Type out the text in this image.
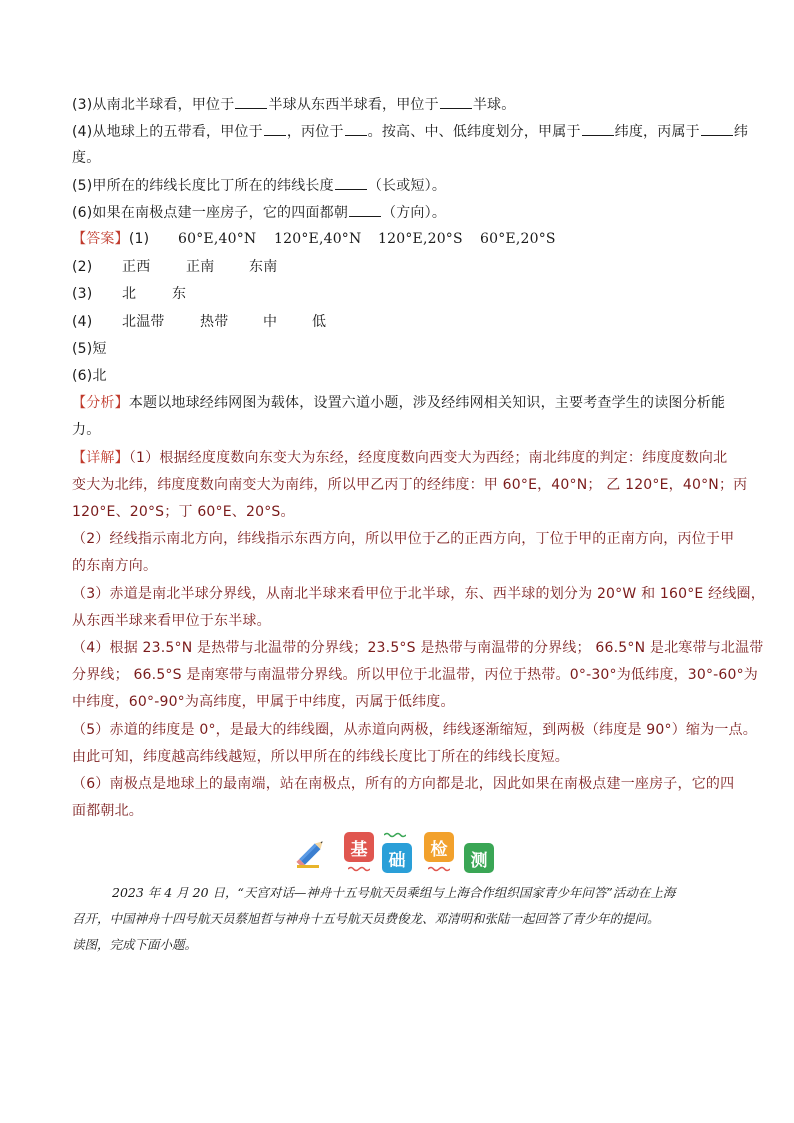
(3)从南北半球看，甲位于 半球从东西半球看，甲位于 半球。

(4)从地球上的五带看，甲位于 ，丙位于 。按高、中、低纬度划分，甲属于 纬度，丙属于 纬

度。

(5)甲所在的纬线长度比丁所在的纬线长度 （长或短）。

(6)如果在南极点建一座房子，它的四面都朝 （方向）。

【答案】(1) 60°E,40°N 120°E,40°N 120°E,20°S 60°E,20°S

(2) 正西	正南 东南

(3) 北	东

(4) 北温带	热带 中 低

(5)短

(6)北

【分析】本题以地球经纬网图为载体，设置六道小题，涉及经纬网相关知识，主要考查学生的读图分析能

力。

【详解】（1）根据经度度数向东变大为东经，经度度数向西变大为西经；南北纬度的判定：纬度度数向北

变大为北纬，纬度度数向南变大为南纬，所以甲乙丙丁的经纬度：甲 60°E，40°N； 乙 120°E，40°N；丙

120°E、20°S；丁 60°E、20°S。

（2）经线指示南北方向，纬线指示东西方向，所以甲位于乙的正西方向，丁位于甲的正南方向，丙位于甲

的东南方向。

（3）赤道是南北半球分界线，从南北半球来看甲位于北半球，东、西半球的划分为 20°W 和 160°E 经线圈，

从东西半球来看甲位于东半球。

（4）根据 23.5°N 是热带与北温带的分界线；23.5°S 是热带与南温带的分界线； 66.5°N 是北寒带与北温带

分界线； 66.5°S 是南寒带与南温带分界线。所以甲位于北温带，丙位于热带。0°-30°为低纬度，30°-60°为

中纬度，60°-90°为高纬度，甲属于中纬度，丙属于低纬度。

（5）赤道的纬度是 0°，是最大的纬线圈，从赤道向两极，纬线逐渐缩短，到两极（纬度是 90°）缩为一点。

由此可知，纬度越高纬线越短，所以甲所在的纬线长度比丁所在的纬线长度短。

（6）南极点是地球上的最南端，站在南极点，所有的方向都是北，因此如果在南极点建一座房子，它的四

面都朝北。

基
础
检
测

2023 年 4 月 20 日，“天宫对话—神舟十五号航天员乘组与上海合作组织国家青少年问答”活动在上海

召开，中国神舟十四号航天员蔡旭哲与神舟十五号航天员费俊龙、邓清明和张陆一起回答了青少年的提问。

读图，完成下面小题。
